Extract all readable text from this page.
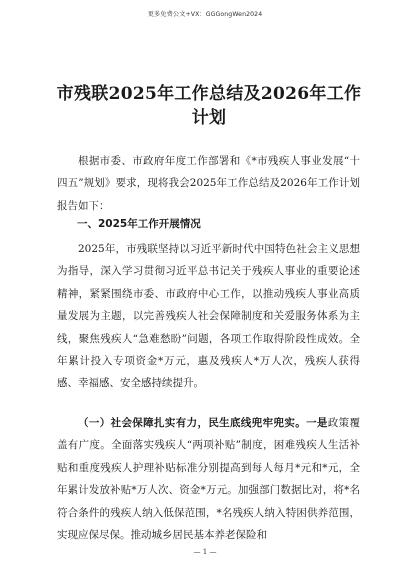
更多免费公文+VX：GGGongWen2024
市残联2025年工作总结及2026年工作计划
根据市委、市政府年度工作部署和《*市残疾人事业发展“十四五”规划》要求，现将我会2025年工作总结及2026年工作计划报告如下：
一、2025年工作开展情况
2025年，市残联坚持以习近平新时代中国特色社会主义思想为指导，深入学习贯彻习近平总书记关于残疾人事业的重要论述精神，紧紧围绕市委、市政府中心工作，以推动残疾人事业高质量发展为主题，以完善残疾人社会保障制度和关爱服务体系为主线，聚焦残疾人“急难愁盼”问题，各项工作取得阶段性成效。全年累计投入专项资金*万元，惠及残疾人*万人次，残疾人获得感、幸福感、安全感持续提升。
（一）社会保障扎实有力，民生底线兜牢兜实。一是政策覆盖有广度。全面落实残疾人“两项补贴”制度，困难残疾人生活补贴和重度残疾人护理补贴标准分别提高到每人每月*元和*元，全年累计发放补贴*万人次、资金*万元。加强部门数据比对，将*名符合条件的残疾人纳入低保范围，*名残疾人纳入特困供养范围，实现应保尽保。推动城乡居民基本养老保险和
— 1 —
